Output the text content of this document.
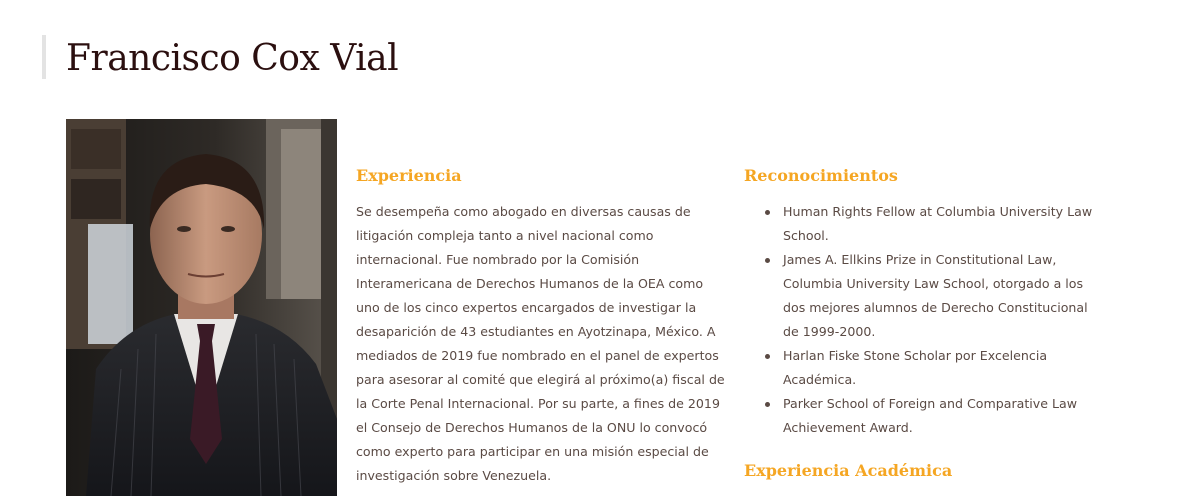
Francisco Cox Vial
Experiencia

Se desempeña como abogado en diversas causas de litigación compleja tanto a nivel nacional como internacional. Fue nombrado por la Comisión Interamericana de Derechos Humanos de la OEA como uno de los cinco expertos encargados de investigar la desaparición de 43 estudiantes en Ayotzinapa, México. A mediados de 2019 fue nombrado en el panel de expertos para asesorar al comité que elegirá al próximo(a) fiscal de la Corte Penal Internacional. Por su parte, a fines de 2019 el Consejo de Derechos Humanos de la ONU lo convocó como experto para participar en una misión especial de investigación sobre Venezuela.

Reconocimientos
Human Rights Fellow at Columbia University Law School.
James A. Ellkins Prize in Constitutional Law, Columbia University Law School, otorgado a los dos mejores alumnos de Derecho Constitucional de 1999-2000.
Harlan Fiske Stone Scholar por Excelencia Académica.
Parker School of Foreign and Comparative Law Achievement Award.
Experiencia Académica
